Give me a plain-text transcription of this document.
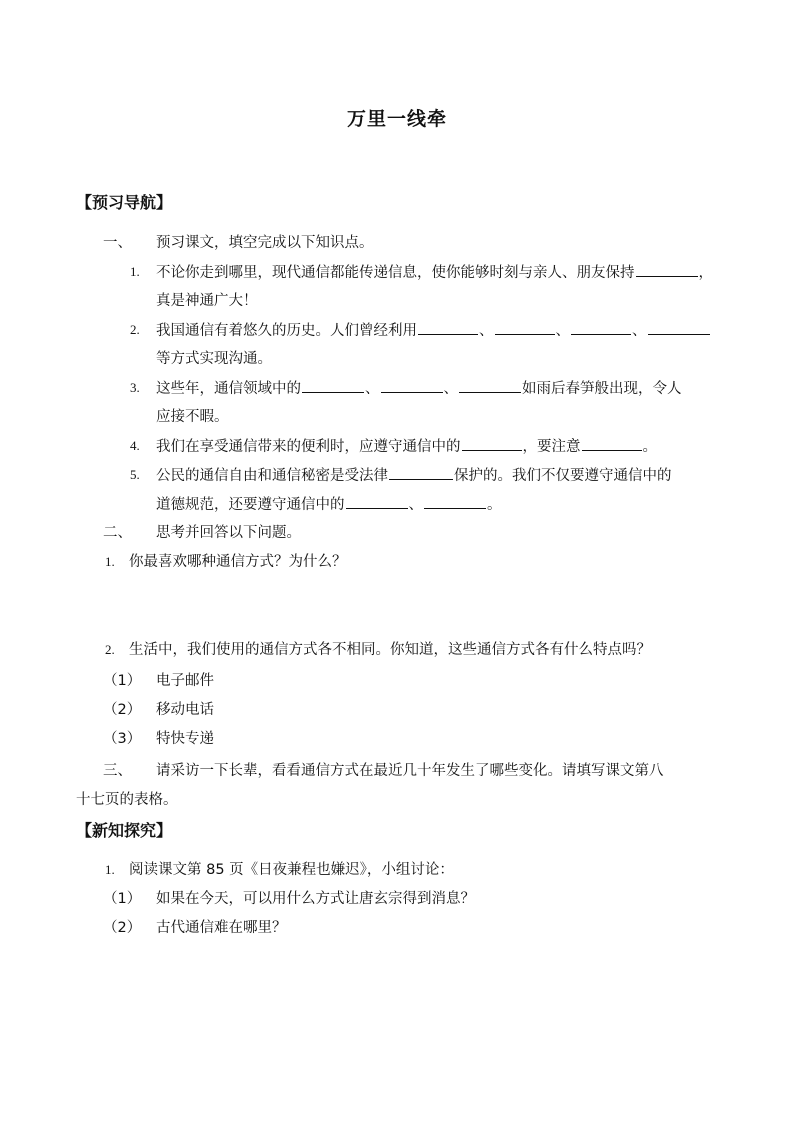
万里一线牵
【预习导航】
一、 预习课文，填空完成以下知识点。
1. 不论你走到哪里，现代通信都能传递信息，使你能够时刻与亲人、朋友保持	，
真是神通广大！
2. 我国通信有着悠久的历史。人们曾经利用	、	、	、
等方式实现沟通。
3. 这些年，通信领域中的	、	、	如雨后春笋般出现，令人
应接不暇。
4. 我们在享受通信带来的便利时，应遵守通信中的	，要注意	。
5. 公民的通信自由和通信秘密是受法律	保护的。我们不仅要遵守通信中的
道德规范，还要遵守通信中的	、	。
二、 思考并回答以下问题。
1. 你最喜欢哪种通信方式？为什么？
2. 生活中，我们使用的通信方式各不相同。你知道，这些通信方式各有什么特点吗？
（1） 电子邮件
（2） 移动电话
（3） 特快专递
三、 请采访一下长辈，看看通信方式在最近几十年发生了哪些变化。请填写课文第八
十七页的表格。
【新知探究】
1. 阅读课文第 85 页《日夜兼程也嫌迟》，小组讨论：
（1） 如果在今天，可以用什么方式让唐玄宗得到消息？
（2） 古代通信难在哪里？
